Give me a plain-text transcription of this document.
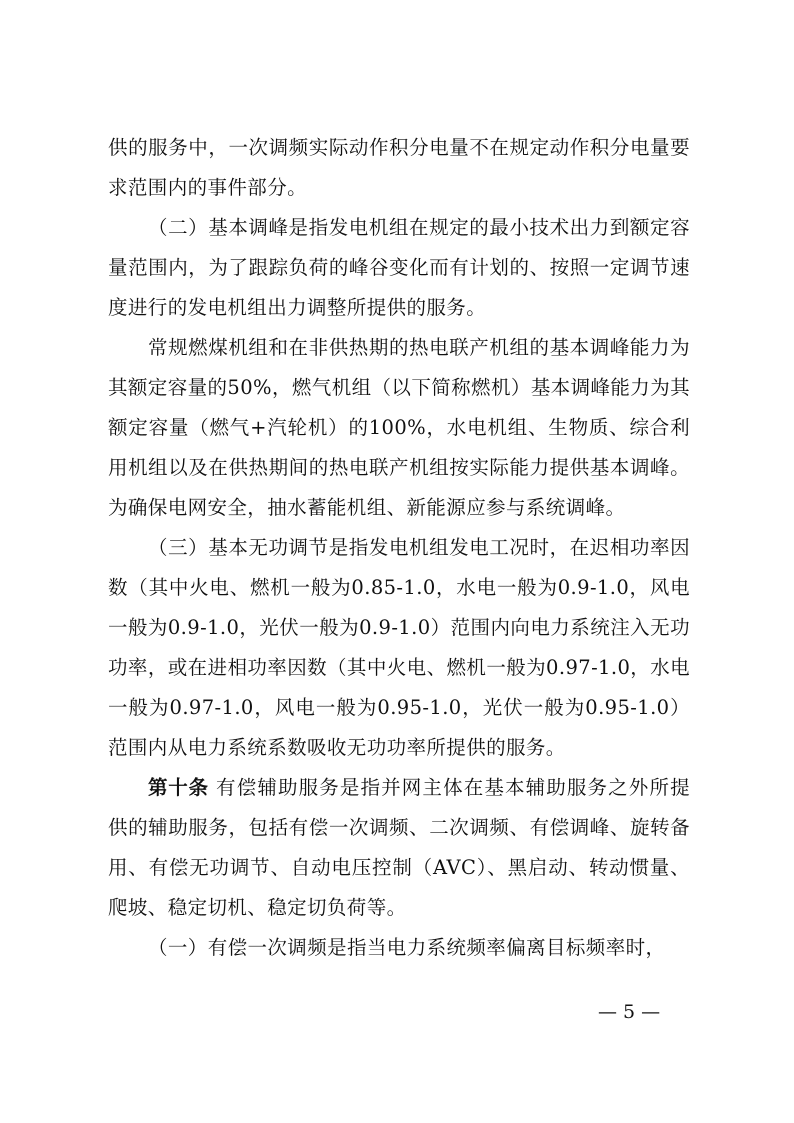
供的服务中，一次调频实际动作积分电量不在规定动作积分电量要求范围内的事件部分。

（二）基本调峰是指发电机组在规定的最小技术出力到额定容量范围内，为了跟踪负荷的峰谷变化而有计划的、按照一定调节速度进行的发电机组出力调整所提供的服务。

常规燃煤机组和在非供热期的热电联产机组的基本调峰能力为其额定容量的50%，燃气机组（以下简称燃机）基本调峰能力为其额定容量（燃气+汽轮机）的100%，水电机组、生物质、综合利用机组以及在供热期间的热电联产机组按实际能力提供基本调峰。为确保电网安全，抽水蓄能机组、新能源应参与系统调峰。

（三）基本无功调节是指发电机组发电工况时，在迟相功率因数（其中火电、燃机一般为0.85-1.0，水电一般为0.9-1.0，风电一般为0.9-1.0，光伏一般为0.9-1.0）范围内向电力系统注入无功功率，或在进相功率因数（其中火电、燃机一般为0.97-1.0，水电一般为0.97-1.0，风电一般为0.95-1.0，光伏一般为0.95-1.0）范围内从电力系统系数吸收无功功率所提供的服务。

第十条 有偿辅助服务是指并网主体在基本辅助服务之外所提供的辅助服务，包括有偿一次调频、二次调频、有偿调峰、旋转备用、有偿无功调节、自动电压控制（AVC）、黑启动、转动惯量、爬坡、稳定切机、稳定切负荷等。

（一）有偿一次调频是指当电力系统频率偏离目标频率时，

— 5 —
